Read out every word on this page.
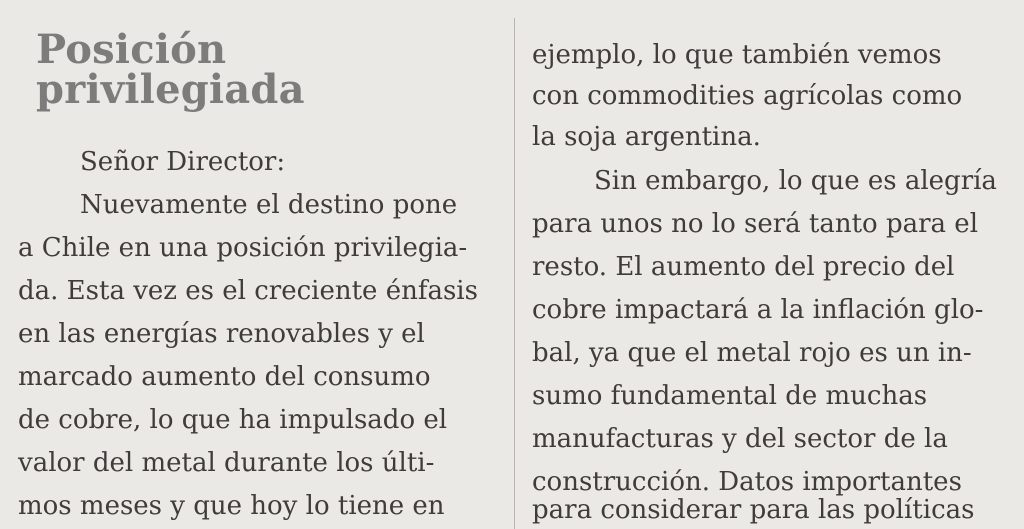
Posición
privilegiada
Señor Director:
Nuevamente el destino pone
a Chile en una posición privilegia-
da. Esta vez es el creciente énfasis
en las energías renovables y el
marcado aumento del consumo
de cobre, lo que ha impulsado el
valor del metal durante los últi-
mos meses y que hoy lo tiene en
ejemplo, lo que también vemos
con commodities agrícolas como
la soja argentina.
Sin embargo, lo que es alegría
para unos no lo será tanto para el
resto. El aumento del precio del
cobre impactará a la inflación glo-
bal, ya que el metal rojo es un in-
sumo fundamental de muchas
manufacturas y del sector de la
construcción. Datos importantes
para considerar para las políticas
